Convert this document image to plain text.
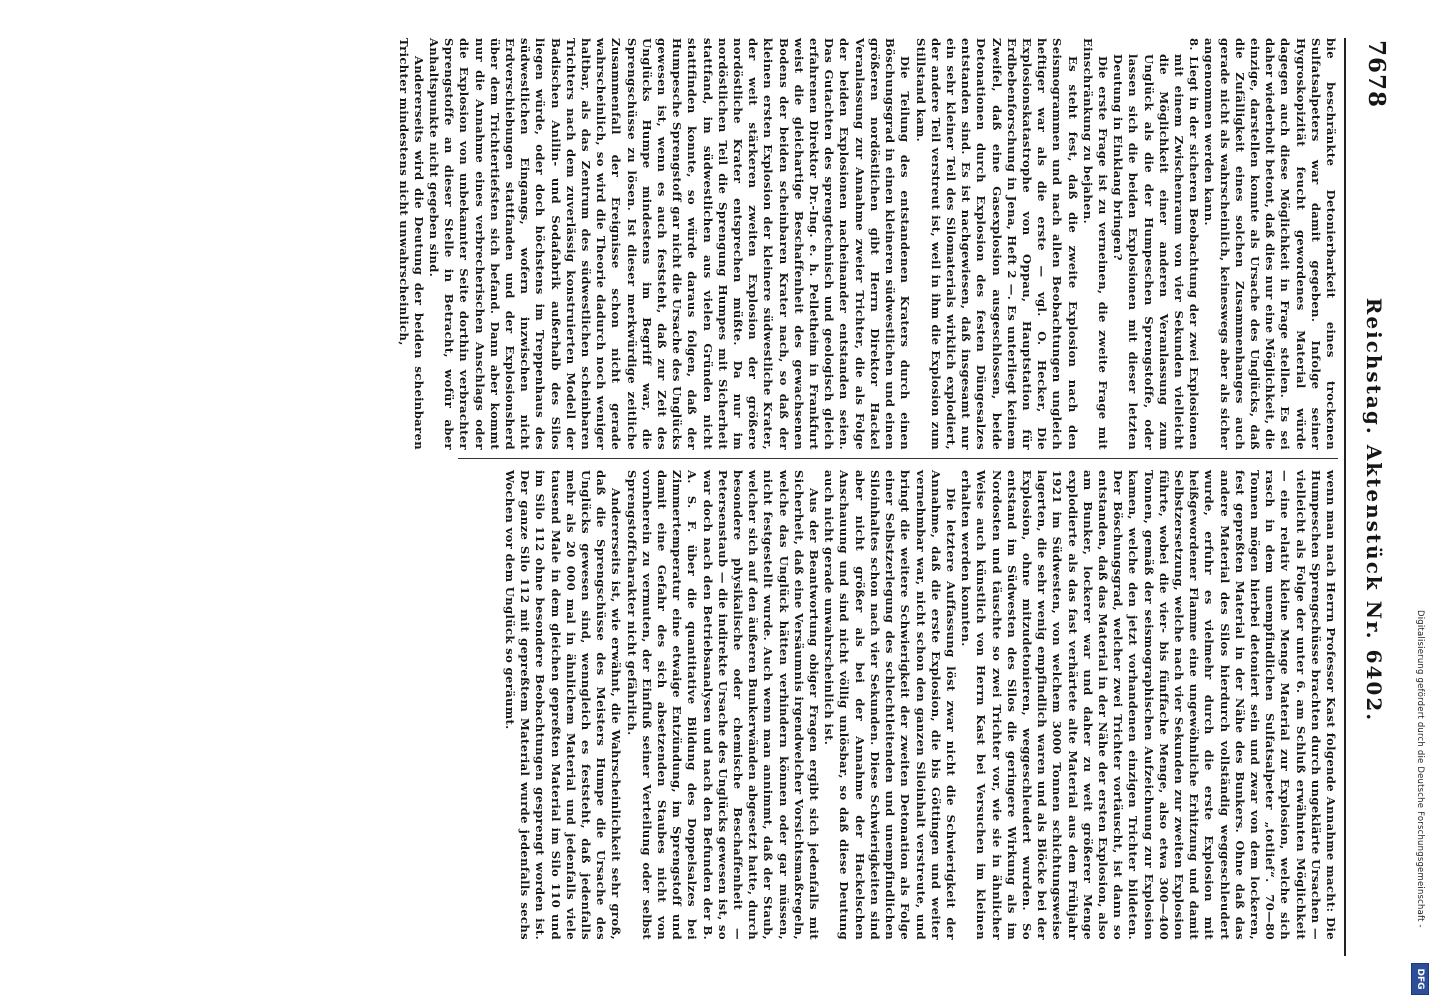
7678
Reichstag. Aktenstück Nr. 6402.

bie beschränkte Detonierbarkeit eines trockenen Sulfatsalpeters war damit gegeben. Infolge seiner Hygroskopizität feucht gewordenes Material würde dagegen auch diese Möglichkeit in Frage stellen. Es sei daher wiederholt betont, daß dies nur eine Möglichkeit, die einzige, darstellen konnte als Ursache des Unglücks, daß die Zufälligkeit eines solchen Zusammenhanges auch gerade nicht als wahrscheinlich, keineswegs aber als sicher angenommen werden kann.

8. Liegt in der sicheren Beobachtung der zwei Explosionen mit einem Zwischenraum von vier Sekunden vielleicht die Möglichkeit einer anderen Veranlassung zum Unglück als die der Humpeschen Sprengstoffe, oder lassen sich die beiden Explosionen mit dieser letzten Deutung in Einklang bringen?

Die erste Frage ist zu verneinen, die zweite Frage mit Einschränkung zu bejahen.

Es steht fest, daß die zweite Explosion nach den Seismogrammen und nach allen Beobachtungen ungleich heftiger war als die erste — vgl. O. Hecker, Die Explosionskatastrophe von Oppau, Hauptstation für Erdbebenforschung in Jena, Heft 2 —. Es unterliegt keinem Zweifel, daß eine Gasexplosion ausgeschlossen, beide Detonationen durch Explosion des festen Düngesalzes entstanden sind. Es ist nachgewiesen, daß insgesamt nur ein sehr kleiner Teil des Silomaterials wirklich explodiert, der andere Teil verstreut ist, weil in ihm die Explosion zum Stillstand kam.

Die Teilung des entstandenen Kraters durch einen Böschungsgrad in einen kleineren südwestlichen und einen größeren nordöstlichen gibt Herrn Direktor Hackel Veranlassung zur Annahme zweier Trichter, die als Folge der beiden Explosionen nacheinander entstanden seien. Das Gutachten des sprengtechnisch und geologisch gleich erfahrenen Direktor Dr.-Ing. e. h. Pelletheim in Frankfurt weist die gleichartige Beschaffenheit des gewachsenen Bodens der beiden scheinbaren Krater nach, so daß der kleinen ersten Explosion der kleinere südwestliche Krater, der weit stärkeren zweiten Explosion der größere nordöstliche Krater entsprechen müßte. Da nur im nordöstlichen Teil die Sprengung Humpes mit Sicherheit stattfand, im südwestlichen aus vielen Gründen nicht stattfinden konnte, so würde daraus folgen, daß der Humpesche Sprengstoff gar nicht die Ursache des Unglücks gewesen ist, wenn es auch feststeht, daß zur Zeit des Unglücks Humpe mindestens im Begriff war, die Sprengschüsse zu lösen. Ist dieser merkwürdige zeitliche Zusammenfall der Ereignisse schon nicht gerade wahrscheinlich, so wird die Theorie dadurch noch weniger haltbar, als das Zentrum des südwestlichen scheinbaren Trichters nach dem zuverlässig konstruierten Modell der Badischen Anilin- und Sodafabrik außerhalb des Silos liegen würde, oder doch höchstens im Treppenhaus des südwestlichen Eingangs, wofern inzwischen nicht Erdverschiebungen stattfanden und der Explosionsherd über dem Trichtertiefsten sich befand. Dann aber kommt nur die Annahme eines verbrecherischen Anschlags oder die Explosion von unbekannter Seite dorthin verbrachter Sprengstoffe an dieser Stelle in Betracht, wofür aber Anhaltspunkte nicht gegeben sind.

Andererseits wird die Deutung der beiden scheinbaren Trichter mindestens nicht unwahrscheinlich,

wenn man nach Herrn Professor Kast folgende Annahme macht: Die Humpeschen Sprengschüsse brachten durch ungeklärte Ursachen — vielleicht als Folge der unter 6. am Schluß erwähnten Möglichkeit — eine relativ kleine Menge Material zur Explosion, welche sich rasch in dem unempfindlichen Sulfatsalpeter „totlief“. 70—80 Tonnen mögen hierbei detoniert sein und zwar von dem lockeren, fest gepreßten Material in der Nähe des Bunkers. Ohne daß das andere Material des Silos hierdurch vollständig weggeschleudert wurde, erfuhr es vielmehr durch die erste Explosion mit heißgewordener Flamme eine ungewöhnliche Erhitzung und damit Selbstzersetzung, welche nach vier Sekunden zur zweiten Explosion führte, wobei die vier- bis fünffache Menge, also etwa 300—400 Tonnen, gemäß der seismographischen Aufzeichnung zur Explosion kamen, welche den jetzt vorhandenen einzigen Trichter bildeten. Der Böschungsgrad, welcher zwei Trichter vortäuscht, ist dann so entstanden, daß das Material in der Nähe der ersten Explosion, also am Bunker, lockerer war und daher zu weit größerer Menge explodierte als das fast verhärtete alte Material aus dem Frühjahr 1921 im Südwesten, von welchem 3000 Tonnen schichtungsweise lagerten, die sehr wenig empfindlich waren und als Blöcke bei der Explosion, ohne mitzudetonieren, weggeschleudert wurden. So entstand im Südwesten des Silos die geringere Wirkung als im Nordosten und täuschte so zwei Trichter vor, wie sie in ähnlicher Weise auch künstlich von Herrn Kast bei Versuchen im kleinen erhalten werden konnten.

Die letztere Auffassung löst zwar nicht die Schwierigkeit der Annahme, daß die erste Explosion, die bis Göttingen und weiter vernehmbar war, nicht schon den ganzen Siloinhalt verstreute, und bringt die weitere Schwierigkeit der zweiten Detonation als Folge einer Selbstzerlegung des schlechtleitenden und unempfindlichen Siloinhaltes schon nach vier Sekunden. Diese Schwierigkeiten sind aber nicht größer als bei der Annahme der Hackelschen Anschauung und sind nicht völlig unlösbar, so daß diese Deutung auch nicht gerade unwahrscheinlich ist.

Aus der Beantwortung obiger Fragen ergibt sich jedenfalls mit Sicherheit, daß eine Versäumnis irgendwelcher Vorsichtsmaßregeln, welche das Unglück hätten verhindern können oder gar müssen, nicht festgestellt wurde. Auch wenn man annimmt, daß der Staub, welcher sich auf den äußeren Bunkerwänden abgesetzt hatte, durch besondere physikalische oder chemische Beschaffenheit — Petersenstaub — die indirekte Ursache des Unglücks gewesen ist, so war doch nach den Betriebsanalysen und nach den Befunden der B. A. S. F. über die quantitative Bildung des Doppelsalzes bei Zimmertemperatur eine etwaige Entzündung, im Sprengstoff und damit eine Gefahr des sich absetzenden Staubes nicht von vornherein zu vermuten, der Einfluß seiner Verteilung oder selbst Sprengstoffcharakter nicht gefährlich.

Andererseits ist, wie erwähnt, die Wahrscheinlichkeit sehr groß, daß die Sprengschüsse des Meisters Humpe die Ursache des Unglücks gewesen sind, wenngleich es feststeht, daß jedenfalls mehr als 20 000 mal in ähnlichem Material und jedenfalls viele tausend Male in dem gleichen gepreßten Material im Silo 110 und im Silo 112 ohne besondere Beobachtungen gesprengt worden ist. Der ganze Silo 112 mit gepreßtem Material wurde jedenfalls sechs Wochen vor dem Unglück so geräumt.

Digitalisierung gefördert durch die Deutsche Forschungsgemeinschaft -
DFG
